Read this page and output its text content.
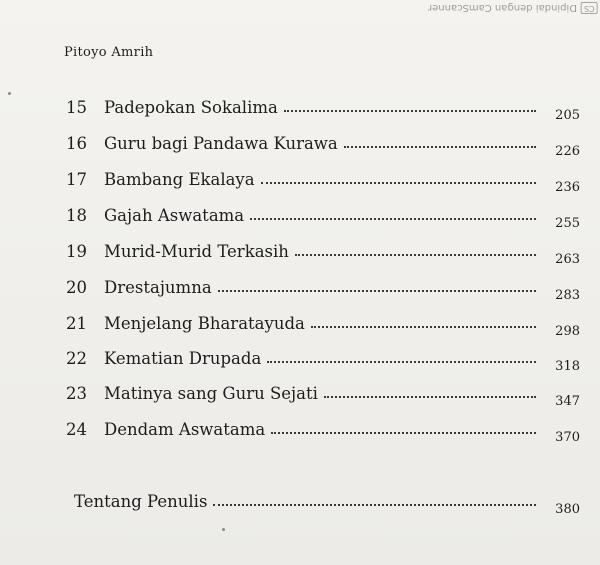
CS
Dipindai dengan CamScanner
Pitoyo Amrih
15	Padepokan Sokalima	205
16	Guru bagi Pandawa Kurawa	226
17	Bambang Ekalaya	236
18	Gajah Aswatama	255
19	Murid-Murid Terkasih	263
20	Drestajumna	283
21	Menjelang Bharatayuda	298
22	Kematian Drupada	318
23	Matinya sang Guru Sejati	347
24	Dendam Aswatama	370
Tentang Penulis	380
